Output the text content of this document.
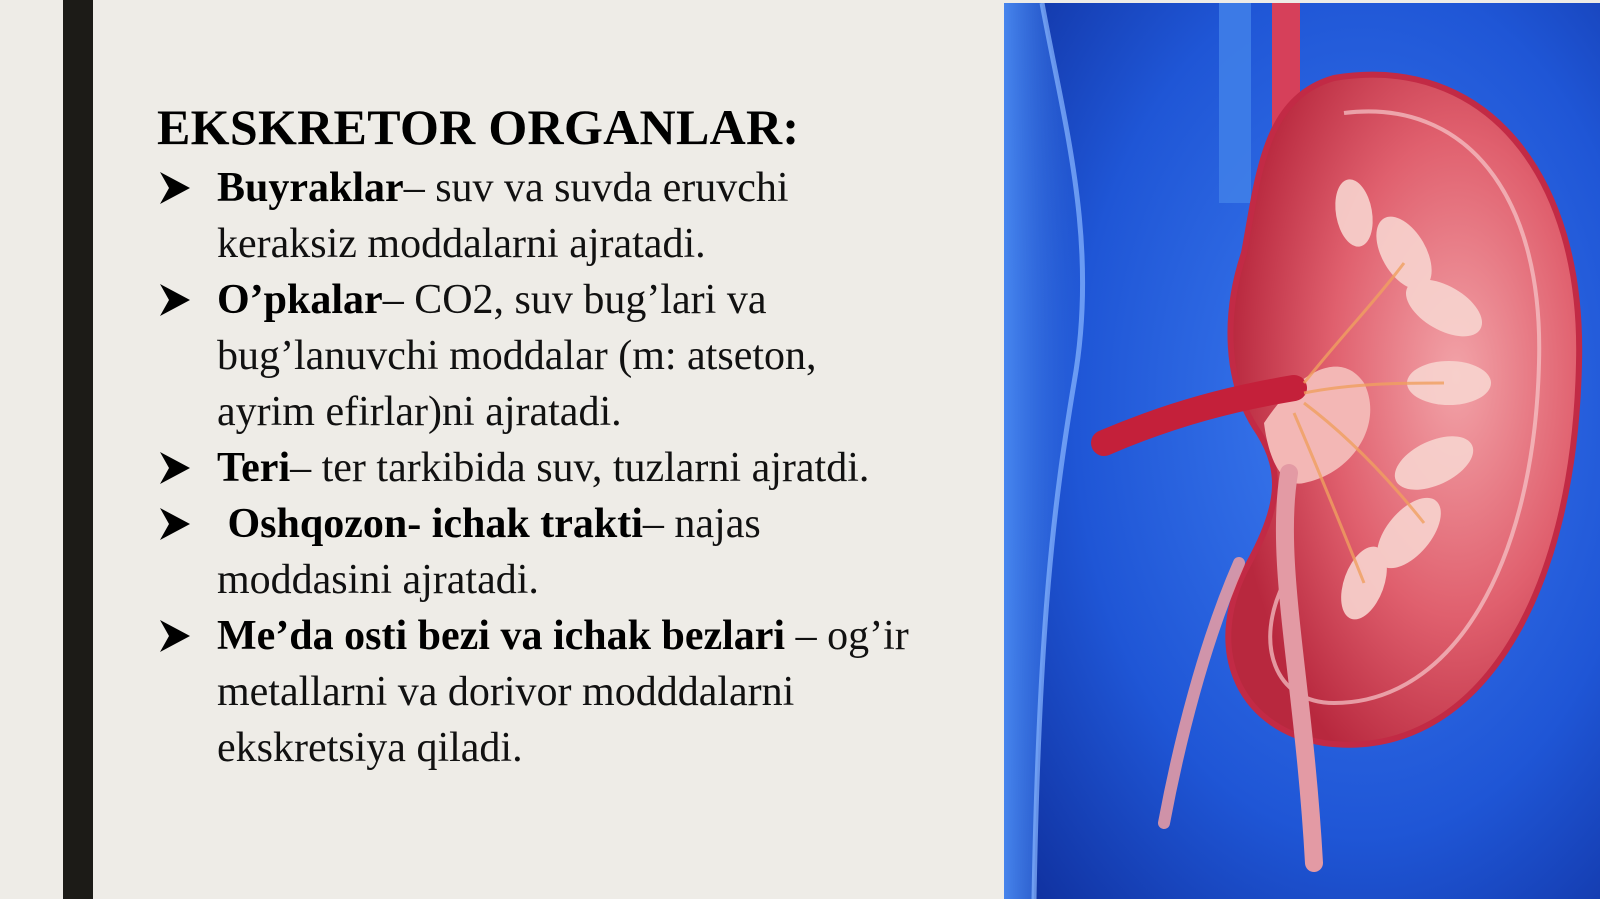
EKSKRETOR ORGANLAR:
Buyraklar– suv va suvda eruvchi keraksiz moddalarni ajratadi.
O’pkalar– CO2, suv bug’lari va bug’lanuvchi moddalar (m: atseton, ayrim efirlar)ni ajratadi.
Teri– ter tarkibida suv, tuzlarni ajratdi.
Oshqozon- ichak trakti– najas moddasini ajratadi.
Me’da osti bezi va ichak bezlari – og’ir metallarni va dorivor modddalarni ekskretsiya qiladi.
